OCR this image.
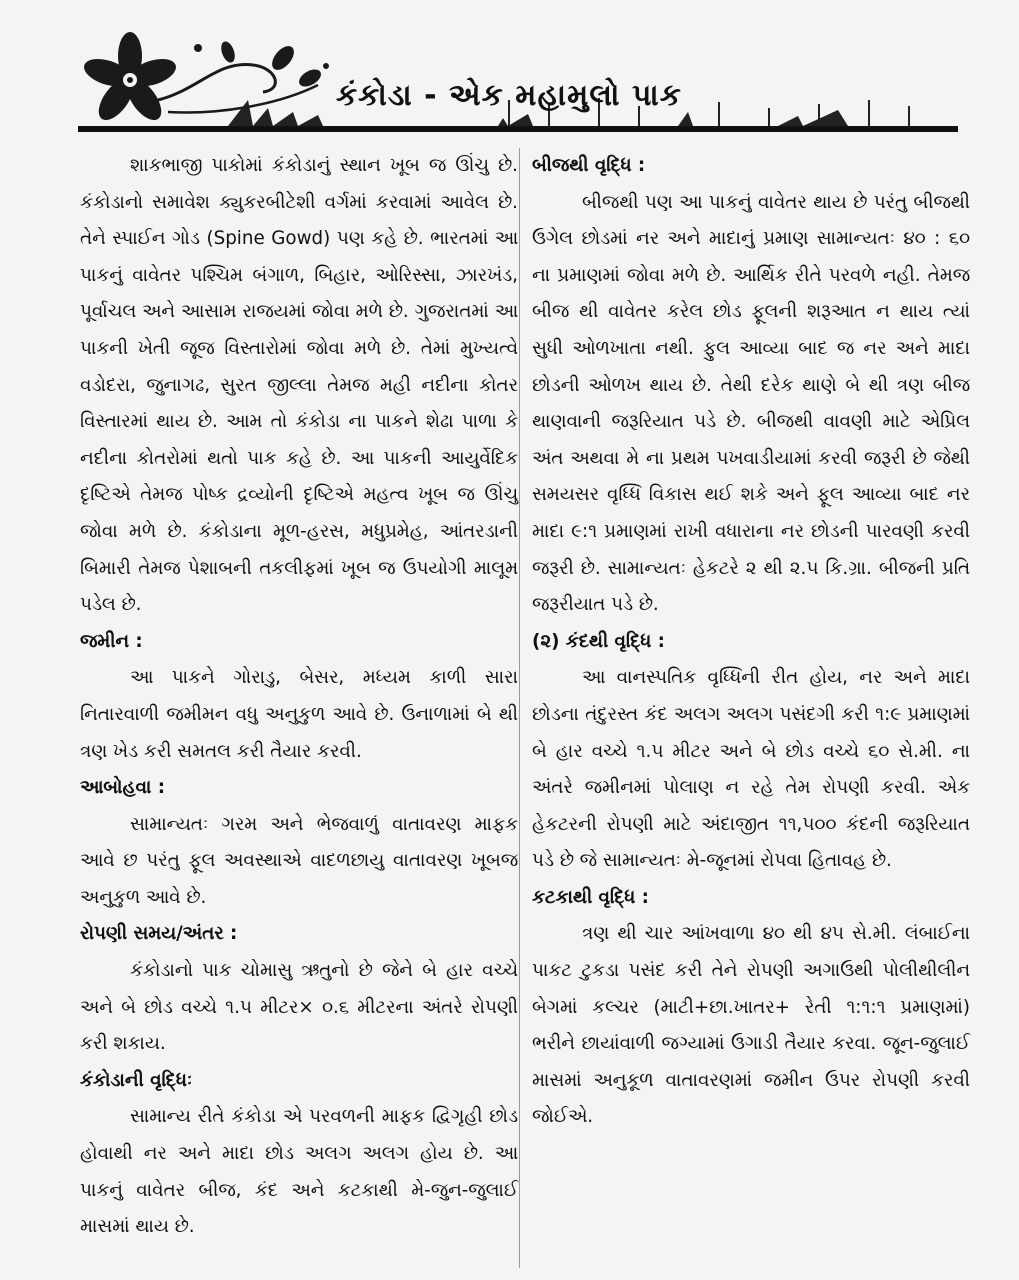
કંકોડા - એક મહામુલો પાક

શાકભાજી પાકોમાં કંકોડાનું સ્થાન ખૂબ જ ઊંચુ છે. કંકોડાનો સમાવેશ ક્યુકરબીટેશી વર્ગમાં કરવામાં આવેલ છે. તેને સ્પાઈન ગોડ (Spine Gowd) પણ કહે છે. ભારતમાં આ પાકનું વાવેતર પશ્ચિમ બંગાળ, બિહાર, ઓરિસ્સા, ઝારખંડ, પૂર્વાચલ અને આસામ રાજયમાં જોવા મળે છે. ગુજરાતમાં આ પાકની ખેતી જૂજ વિસ્તારોમાં જોવા મળે છે. તેમાં મુખ્યત્વે વડોદરા, જુનાગઢ, સુરત જીલ્લા તેમજ મહી નદીના કોતર વિસ્તારમાં થાય છે. આમ તો કંકોડા ના પાકને શેઢા પાળા કે નદીના કોતરોમાં થતો પાક કહે છે. આ પાકની આયુર્વેદિક દૃષ્ટિએ તેમજ પોષ્ક દ્રવ્યોની દૃષ્ટિએ મહત્વ ખૂબ જ ઊંચુ જોવા મળે છે. કંકોડાના મૂળ-હરસ, મધુપ્રમેહ, આંતરડાની બિમારી તેમજ પેશાબની તકલીફમાં ખૂબ જ ઉપયોગી માલૂમ પડેલ છે.

જમીન :

આ પાકને ગોરાડુ, બેસર, મધ્યમ કાળી સારા નિતારવાળી જમીમન વધુ અનુકુળ આવે છે. ઉનાળામાં બે થી ત્રણ ખેડ કરી સમતલ કરી તૈયાર કરવી.

આબોહવા :

સામાન્યતઃ ગરમ અને ભેજવાળું વાતાવરણ માફક આવે છ પરંતુ ફૂલ અવસ્થાએ વાદળછાયુ વાતાવરણ ખૂબજ અનુકુળ આવે છે.

રોપણી સમય/અંતર :

કંકોડાનો પાક ચોમાસુ ઋતુનો છે જેને બે હાર વચ્ચે અને બે છોડ વચ્ચે ૧.૫ મીટર× ૦.૬ મીટરના અંતરે રોપણી કરી શકાય.

કંકોડાની વૃદ્ધિઃ

સામાન્ય રીતે કંકોડા એ પરવળની માફક દ્વિગૃહી છોડ હોવાથી નર અને માદા છોડ અલગ અલગ હોય છે. આ પાકનું વાવેતર બીજ, કંદ અને કટકાથી મે-જુન-જુલાઈ માસમાં થાય છે.

બીજથી વૃદ્ધિ :

બીજથી પણ આ પાકનું વાવેતર થાય છે પરંતુ બીજથી ઉગેલ છોડમાં નર અને માદાનું પ્રમાણ સામાન્યતઃ ૪૦ : ૬૦ ના પ્રમાણમાં જોવા મળે છે. આર્થિક રીતે પરવળે નહી. તેમજ બીજ થી વાવેતર કરેલ છોડ ફૂલની શરૂઆત ન થાય ત્યાં સુધી ઓળખાતા નથી. ફુલ આવ્યા બાદ જ નર અને માદા છોડની ઓળખ થાય છે. તેથી દરેક થાણે બે થી ત્રણ બીજ થાણવાની જરૂરિયાત પડે છે. બીજથી વાવણી માટે એપ્રિલ અંત અથવા મે ના પ્રથમ પખવાડીયામાં કરવી જરૂરી છે જેથી સમયસર વૃધ્ધિ વિકાસ થઈ શકે અને ફૂલ આવ્યા બાદ નર માદા ૯:૧ પ્રમાણમાં રાખી વધારાના નર છોડની પારવણી કરવી જરૂરી છે. સામાન્યતઃ હેકટરે ૨ થી ૨.૫ કિ.ગ્રા. બીજની પ્રતિ જરૂરીયાત પડે છે.

(૨) કંદથી વૃદ્ધિ :

આ વાનસ્પતિક વૃધ્ધિની રીત હોય, નર અને માદા છોડના તંદુરસ્ત કંદ અલગ અલગ પસંદગી કરી ૧:૯ પ્રમાણમાં બે હાર વચ્ચે ૧.૫ મીટર અને બે છોડ વચ્ચે ૬૦ સે.મી. ના અંતરે જમીનમાં પોલાણ ન રહે તેમ રોપણી કરવી. એક હેકટરની રોપણી માટે અંદાજીત ૧૧,૫૦૦ કંદની જરૂરિયાત પડે છે જે સામાન્યતઃ મે-જૂનમાં રોપવા હિતાવહ છે.

કટકાથી વૃદ્ધિ :

ત્રણ થી ચાર આંખવાળા ૪૦ થી ૪૫ સે.મી. લંબાઈના પાકટ ટુકડા પસંદ કરી તેને રોપણી અગાઉથી પોલીથીલીન બેગમાં કલ્ચર (માટી+છા.ખાતર+ રેતી ૧:૧:૧ પ્રમાણમાં) ભરીને છાયાંવાળી જગ્યામાં ઉગાડી તૈયાર કરવા. જૂન-જુલાઈ માસમાં અનુકૂળ વાતાવરણમાં જમીન ઉપર રોપણી કરવી જોઈએ.
